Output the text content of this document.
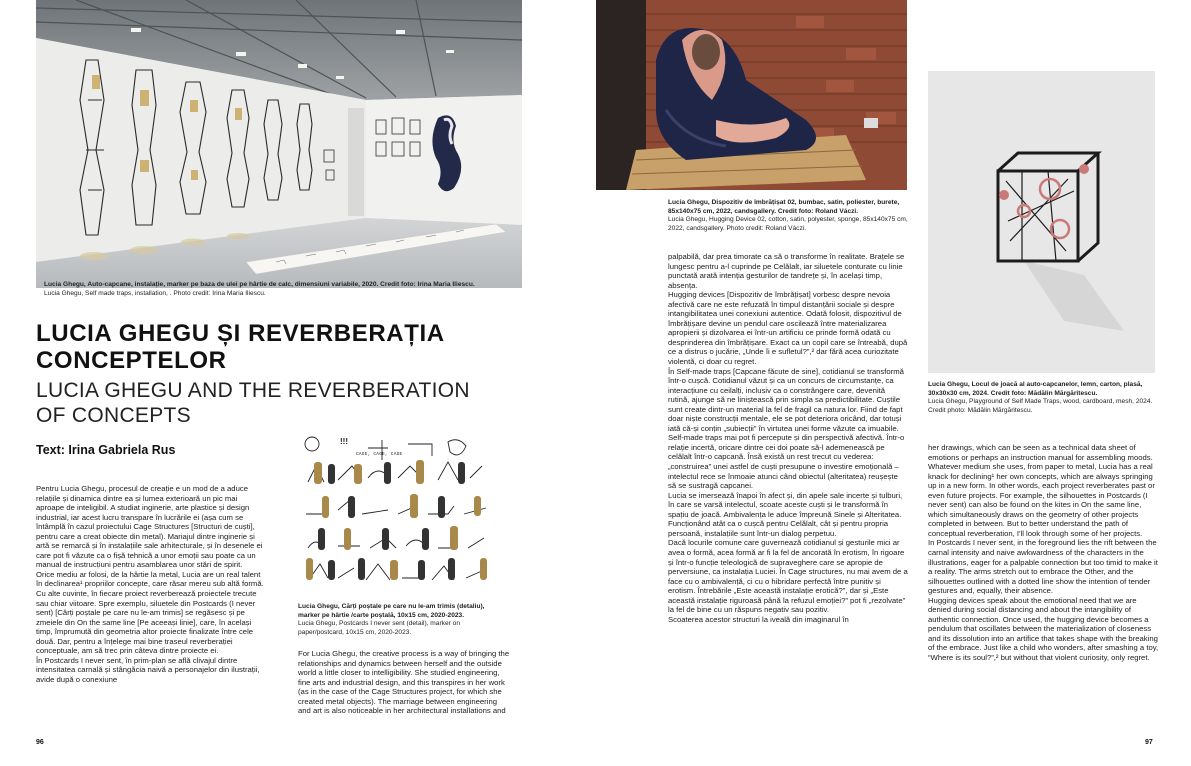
Lucia Ghegu, Auto-capcane, instalație, marker pe baza de ulei pe hârtie de calc, dimensiuni variabile, 2020. Credit foto: Irina Maria Iliescu.
Lucia Ghegu, Self made traps, installation, . Photo credit: Irina Maria Iliescu.
LUCIA GHEGU ȘI REVERBERAȚIA
CONCEPTELOR
LUCIA GHEGU AND THE REVERBERATION
OF CONCEPTS
Text: Irina Gabriela Rus

Pentru Lucia Ghegu, procesul de creație e un mod de a aduce relațiile și dinamica dintre ea și lumea exterioară un pic mai aproape de inteligibil. A studiat inginerie, arte plastice și design industrial, iar acest lucru transpare în lucrările ei (așa cum se întâmplă în cazul proiectului Cage Structures [Structuri de cuști], pentru care a creat obiecte din metal). Mariajul dintre inginerie și artă se remarcă și în instalațiile sale arhitecturale, și în desenele ei care pot fi văzute ca o fișă tehnică a unor emoții sau poate ca un manual de instrucțiuni pentru asamblarea unor stări de spirit.

Orice mediu ar folosi, de la hârtie la metal, Lucia are un real talent în declinarea¹ propriilor concepte, care răsar mereu sub altă formă. Cu alte cuvinte, în fiecare proiect reverberează proiectele trecute sau chiar viitoare. Spre exemplu, siluetele din Postcards (I never sent) [Cărți poștale pe care nu le-am trimis] se regăsesc și pe zmeiele din On the same line [Pe aceeași linie], care, în același timp, împrumută din geometria altor proiecte finalizate între cele două. Dar, pentru a înțelege mai bine traseul reverberației conceptuale, am să trec prin câteva dintre proiecte ei.

În Postcards I never sent, în prim-plan se află clivajul dintre intensitatea carnală și stângăcia naivă a personajelor din ilustrații, avide după o conexiune

!!!
CAGE, CAGE, CAGE
Lucia Ghegu, Cărți poștale pe care nu le-am trimis (detaliu), marker pe hârtie /carte poștală, 10x15 cm, 2020-2023.
Lucia Ghegu, Postcards I never sent (detail), marker on paper/postcard, 10x15 cm, 2020-2023.

For Lucia Ghegu, the creative process is a way of bringing the relationships and dynamics between herself and the outside world a little closer to intelligibility. She studied engineering, fine arts and industrial design, and this transpires in her work (as in the case of the Cage Structures project, for which she created metal objects). The marriage between engineering and art is also noticeable in her architectural installations and

96
Lucia Ghegu, Dispozitiv de îmbrățișat 02, bumbac, satin, poliester, burete, 85x140x75 cm, 2022, candsgallery. Credit foto: Roland Váczi.
Lucia Ghegu, Hugging Device 02, cotton, satin, polyester, sponge, 85x140x75 cm, 2022, candsgallery. Photo credit: Roland Váczi.
Lucia Ghegu, Locul de joacă al auto-capcanelor, lemn, carton, plasă, 30x30x30 cm, 2024. Credit foto: Mădălin Mărgăritescu.
Lucia Ghegu, Playground of Self Made Traps, wood, cardboard, mesh, 2024. Credit photo: Mădălin Mărgăritescu.

palpabilă, dar prea timorate ca să o transforme în realitate. Brațele se lungesc pentru a-l cuprinde pe Celălalt, iar siluetele conturate cu linie punctată arată intenția gesturilor de tandrețe și, în același timp, absența.

Hugging devices [Dispozitiv de îmbrățișat] vorbesc despre nevoia afectivă care ne este refuzată în timpul distanțării sociale și despre intangibilitatea unei conexiuni autentice. Odată folosit, dispozitivul de îmbrățișare devine un pendul care oscilează între materializarea apropierii și dizolvarea ei într-un artificiu ce prinde formă odată cu desprinderea din îmbrățișare. Exact ca un copil care se întreabă, după ce a distrus o jucărie, „Unde îi e sufletul?”,² dar fără acea curiozitate violentă, ci doar cu regret.

În Self-made traps [Capcane făcute de sine], cotidianul se transformă într-o cușcă. Cotidianul văzut și ca un concurs de circumstanțe, ca interacțiune cu ceilalți, inclusiv ca o constrângere care, devenită rutină, ajunge să ne liniștească prin simpla sa predictibilitate. Cuștile sunt create dintr-un material la fel de fragil ca natura lor. Fiind de fapt doar niște construcții mentale, ele se pot deteriora oricând, dar totuși iată că-și conțin „subiecții” în virtutea unei forme văzute ca imuabile.

Self-made traps mai pot fi percepute și din perspectivă afectivă. Într-o relație incertă, oricare dintre cei doi poate să-l ademenească pe celălalt într-o capcană. Însă există un rest trecut cu vederea: „construirea” unei astfel de cuști presupune o investire emoțională – intelectul rece se înmoaie atunci când obiectul (alteritatea) reușește să se sustragă capcanei.

Lucia se imersează înapoi în afect și, din apele sale incerte și tulburi, în care se varsă intelectul, scoate aceste cuști și le transformă în spațiu de joacă. Ambivalența le aduce împreună Sinele și Alteritatea. Funcționând atât ca o cușcă pentru Celălalt, cât și pentru propria persoană, instalațiile sunt într-un dialog perpetuu.

Dacă locurile comune care guvernează cotidianul și gesturile mici ar avea o formă, acea formă ar fi la fel de ancorată în erotism, în rigoare și într-o funcție teleologică de supraveghere care se apropie de perversiune, ca instalația Luciei. În Cage structures, nu mai avem de a face cu o ambivalență, ci cu o hibridare perfectă între punitiv și erotism. Întrebările „Este această instalație erotică?”, dar și „Este această instalație riguroasă până la refuzul emoției?” pot fi „rezolvate” la fel de bine cu un răspuns negativ sau pozitiv.

Scoaterea acestor structuri la iveală din imaginarul în

her drawings, which can be seen as a technical data sheet of emotions or perhaps an instruction manual for assembling moods.

Whatever medium she uses, from paper to metal, Lucia has a real knack for declining¹ her own concepts, which are always springing up in a new form. In other words, each project reverberates past or even future projects. For example, the silhouettes in Postcards (I never sent) can also be found on the kites in On the same line, which simultaneously draws on the geometry of other projects completed in between. But to better understand the path of conceptual reverberation, I'll look through some of her projects.

In Postcards I never sent, in the foreground lies the rift between the carnal intensity and naive awkwardness of the characters in the illustrations, eager for a palpable connection but too timid to make it a reality. The arms stretch out to embrace the Other, and the silhouettes outlined with a dotted line show the intention of tender gestures and, equally, their absence.

Hugging devices speak about the emotional need that we are denied during social distancing and about the intangibility of authentic connection. Once used, the hugging device becomes a pendulum that oscillates between the materialization of closeness and its dissolution into an artifice that takes shape with the breaking of the embrace. Just like a child who wonders, after smashing a toy, “Where is its soul?”,² but without that violent curiosity, only regret.

97
